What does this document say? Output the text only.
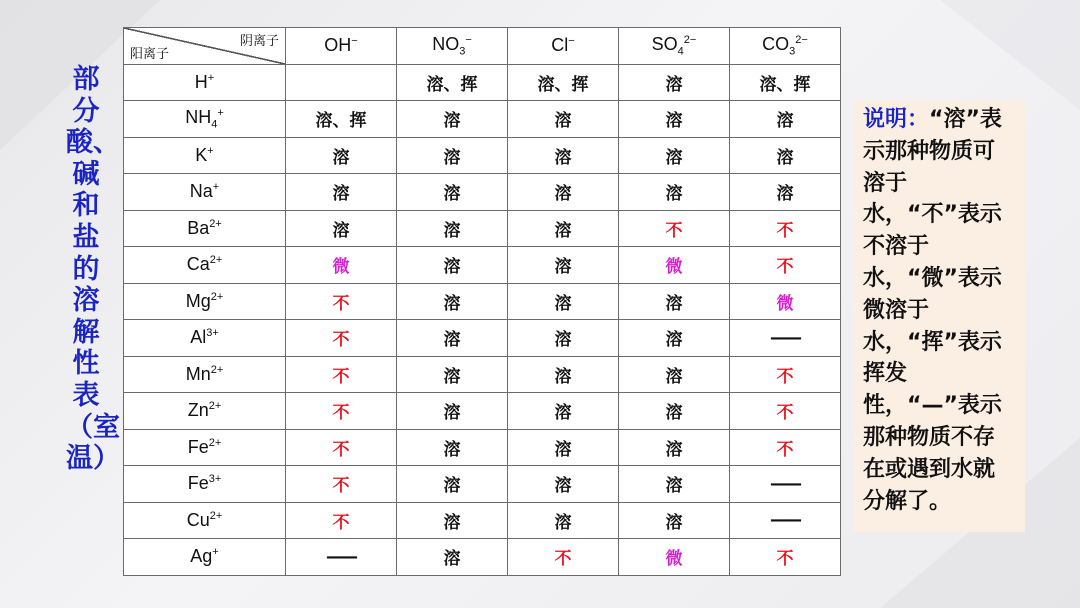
部分酸、碱和盐的溶解性表（室温）
阴离子
阳离子	OH−	$NO_3^-$	Cl−	$SO_4^{2-}$	$CO_3^{2-}$
H+		溶、挥	溶、挥	溶	溶、挥
$NH_4^+$	溶、挥	溶	溶	溶	溶
K+	溶	溶	溶	溶	溶
Na+	溶	溶	溶	溶	溶
$Ba^{2+}$	溶	溶	溶	不	不
$Ca^{2+}$	微	溶	溶	微	不
$Mg^{2+}$	不	溶	溶	溶	微
$Al^{3+}$	不	溶	溶	溶	——
$Mn^{2+}$	不	溶	溶	溶	不
$Zn^{2+}$	不	溶	溶	溶	不
$Fe^{2+}$	不	溶	溶	溶	不
$Fe^{3+}$	不	溶	溶	溶	——
$Cu^{2+}$	不	溶	溶	溶	——
Ag+	——	溶	不	微	不
说明：“溶”表示那种物质可溶于水，“不”表示不溶于水，“微”表示微溶于水，“挥”表示挥发性，“—”表示那种物质不存在或遇到水就分解了。
